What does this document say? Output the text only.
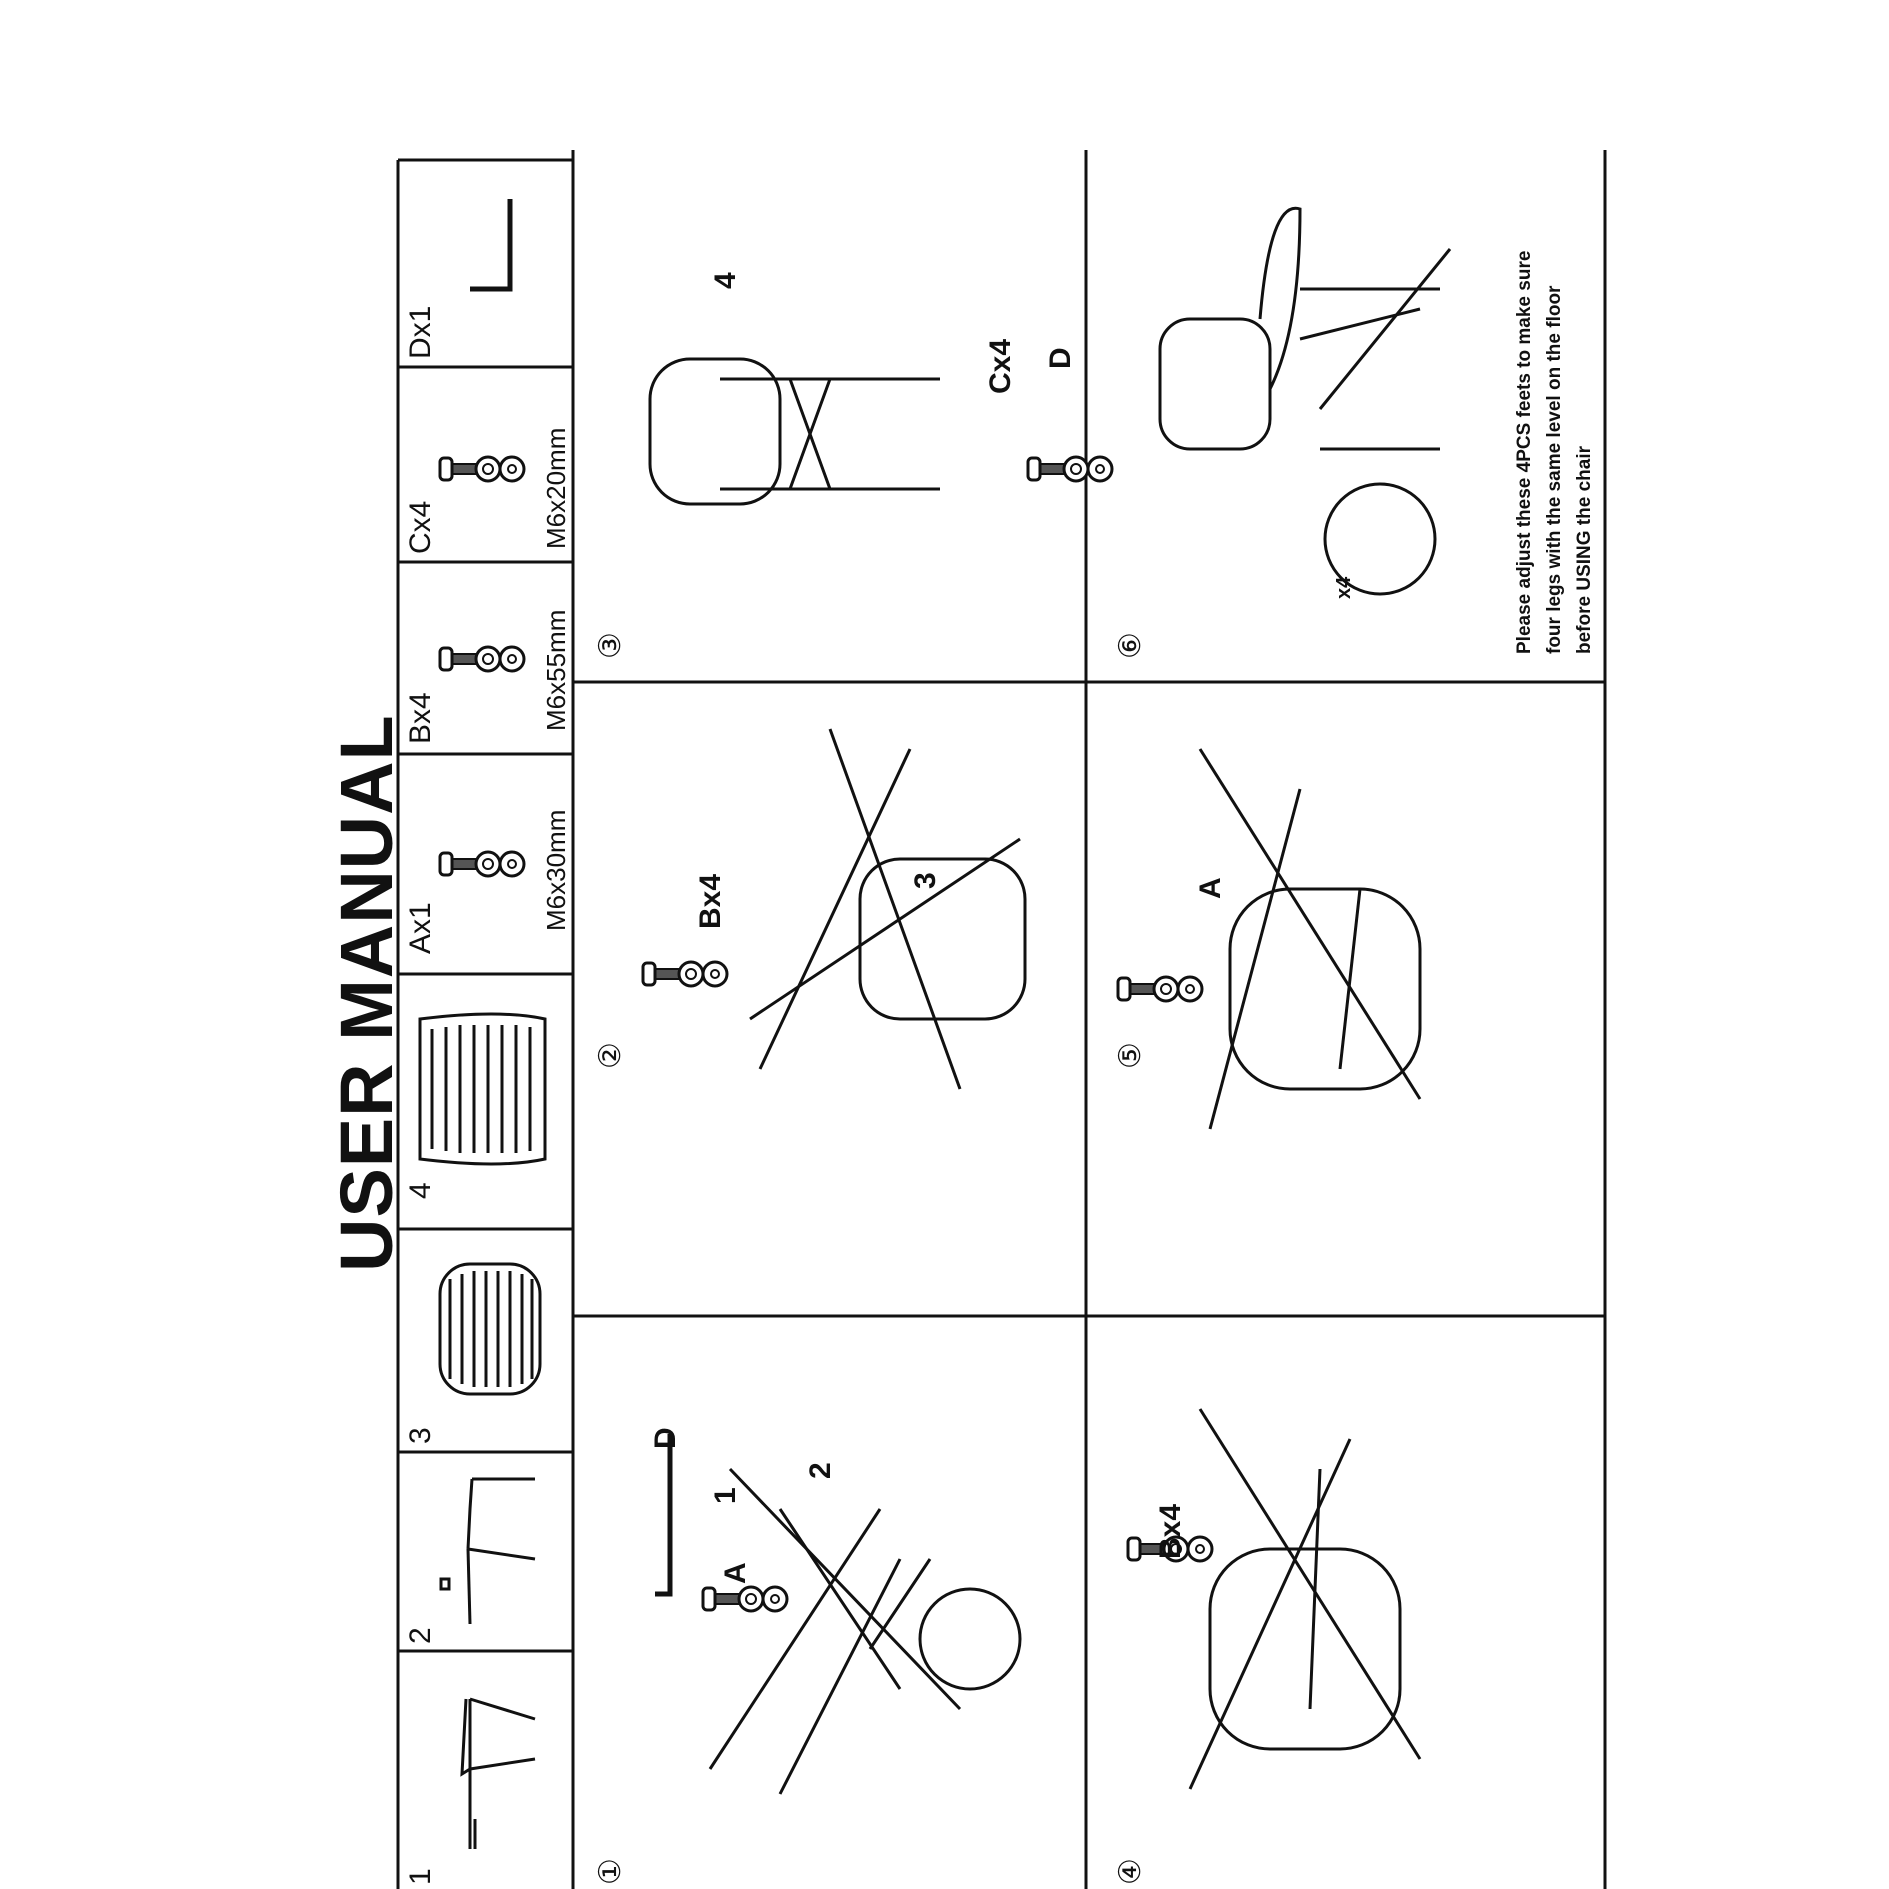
USER MANUAL
1
2
3
4
Ax1	M6x30mm
Bx4	M6x55mm
Cx4	M6x20mm
Dx1
①
D
1
2
A
②
Bx4	3
③
4
Cx4 D
④
Bx4
⑤
A
⑥
x4	Please adjust these 4PCS feets to make sure four legs with the same level on the floor before USING the chair
